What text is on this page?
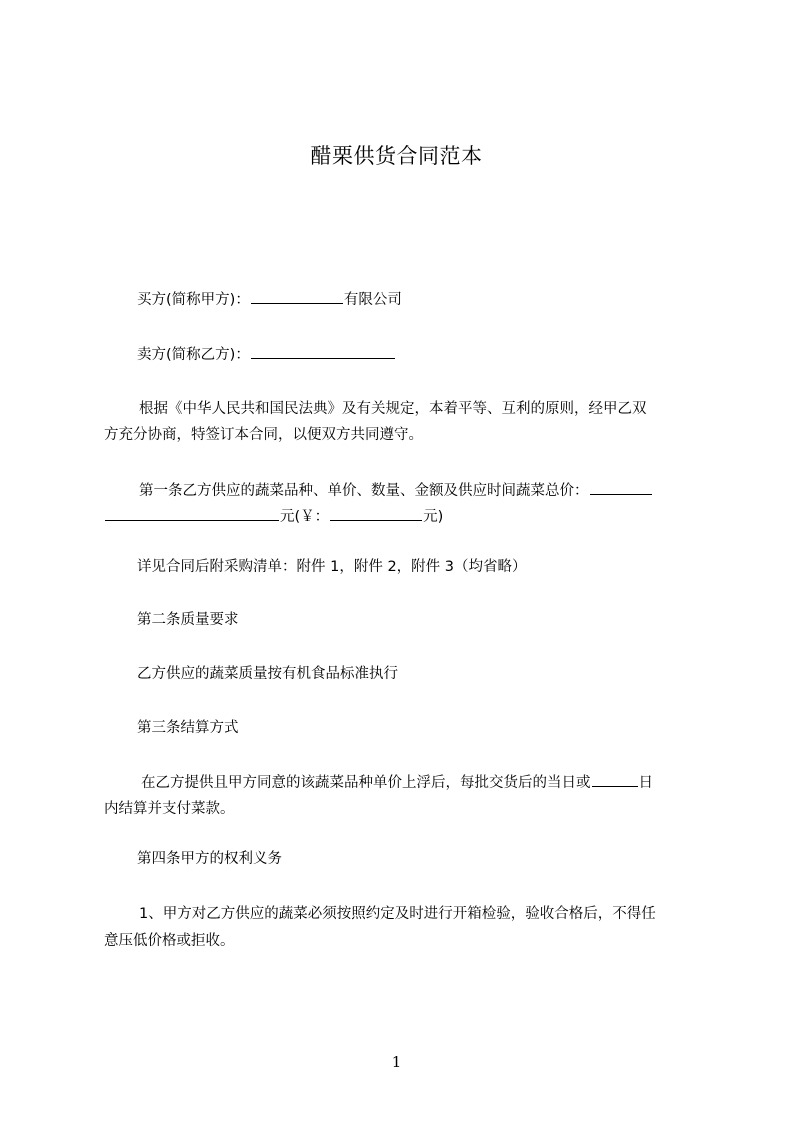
醋栗供货合同范本
买方(简称甲方)：	有限公司
卖方(简称乙方)：
根据《中华人民共和国民法典》及有关规定，本着平等、互利的原则，经甲乙双
方充分协商，特签订本合同，以便双方共同遵守。
第一条乙方供应的蔬菜品种、单价、数量、金额及供应时间蔬菜总价：
元(￥：	元)
详见合同后附采购清单：附件 1，附件 2，附件 3（均省略）
第二条质量要求
乙方供应的蔬菜质量按有机食品标准执行
第三条结算方式
在乙方提供且甲方同意的该蔬菜品种单价上浮后，每批交货后的当日或	日
内结算并支付菜款。
第四条甲方的权利义务
1、甲方对乙方供应的蔬菜必须按照约定及时进行开箱检验，验收合格后，不得任
意压低价格或拒收。
1
